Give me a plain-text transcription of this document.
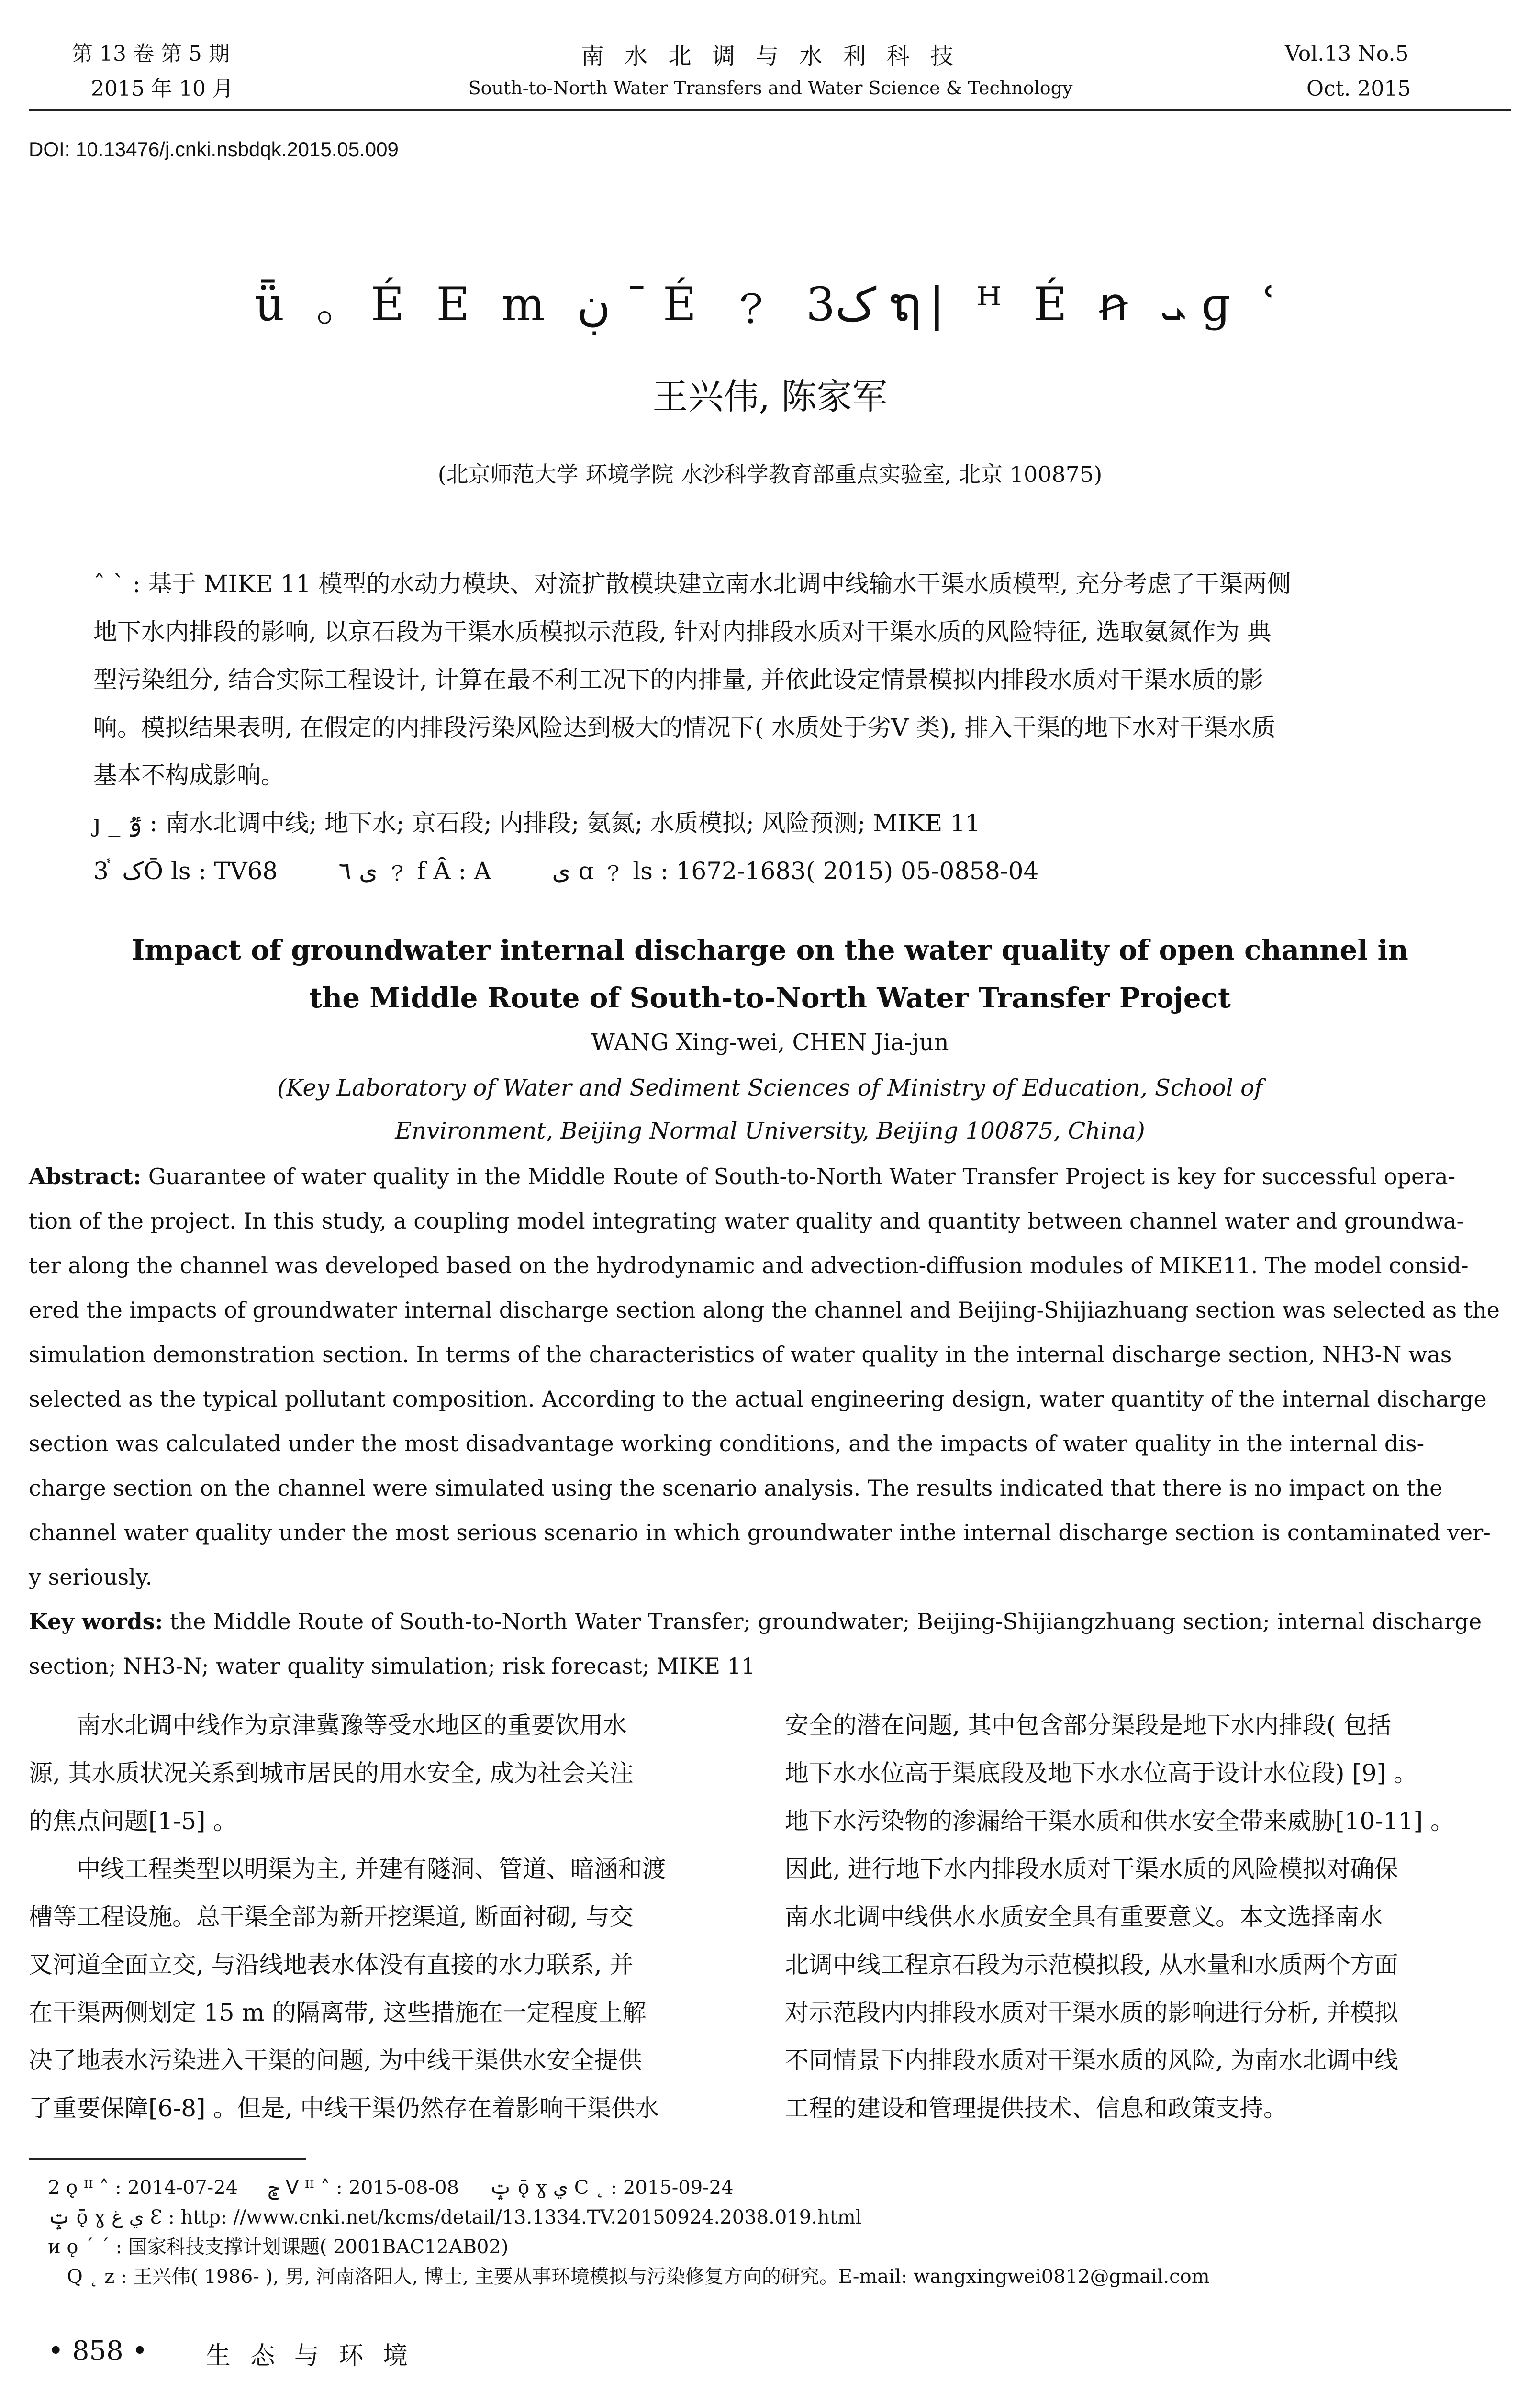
第 13 卷 第 5 期
2015 年 10 月
南 水 北 调 与 水 利 科 技
South-to-North Water Transfers and Water Science & Technology
Vol.13 No.5
Oct. 2015
DOI: 10.13476/j.cnki.nsbdqk.2015.05.009
ǖ 。É E m ڹ ¯ É ﹖ ک3 ຖ| ᴴ É ꞥ ܝ ɡ ʿ
王兴伟, 陈家军
(北京师范大学 环境学院 水沙科学教育部重点实验室, 北京 100875)
ˆ ˋ : 基于 MIKE 11 模型的水动力模块、对流扩散模块建立南水北调中线输水干渠水质模型, 充分考虑了干渠两侧
地下水内排段的影响, 以京石段为干渠水质模拟示范段, 针对内排段水质对干渠水质的风险特征, 选取氨氮作为 典
型污染组分, 结合实际工程设计, 计算在最不利工况下的内排量, 并依此设定情景模拟内排段水质对干渠水质的影
响。模拟结果表明, 在假定的内排段污染风险达到极大的情况下( 水质处于劣Ⅴ 类), 排入干渠的地下水对干渠水质
基本不构成影响。
ȷ _ ٷ : 南水北调中线; 地下水; 京石段; 内排段; 氨氮; 水质模拟; 风险预测; MIKE 11
3 ֓ کŌ ls : TV68        ی ٦ ﹖ f Ȃ : A        ی ɑ ﹖ ls : 1672-1683( 2015) 05-0858-04
Impact of groundwater internal discharge on the water quality of open channel in
the Middle Route of South-to-North Water Transfer Project
WANG Xing-wei, CHEN Jia-jun
(Key Laboratory of Water and Sediment Sciences of Ministry of Education, School of
Environment, Beijing Normal University, Beijing 100875, China)
Abstract: Guarantee of water quality in the Middle Route of South-to-North Water Transfer Project is key for successful opera-
tion of the project. In this study, a coupling model integrating water quality and quantity between channel water and groundwa-
ter along the channel was developed based on the hydrodynamic and advection-diffusion modules of MIKE11. The model consid-
ered the impacts of groundwater internal discharge section along the channel and Beijing-Shijiazhuang section was selected as the
simulation demonstration section. In terms of the characteristics of water quality in the internal discharge section, NH3-N was
selected as the typical pollutant composition. According to the actual engineering design, water quantity of the internal discharge
section was calculated under the most disadvantage working conditions, and the impacts of water quality in the internal dis-
charge section on the channel were simulated using the scenario analysis. The results indicated that there is no impact on the
channel water quality under the most serious scenario in which groundwater inthe internal discharge section is contaminated ver-
y seriously.
Key words: the Middle Route of South-to-North Water Transfer; groundwater; Beijing-Shijiangzhuang section; internal discharge
section; NH3-N; water quality simulation; risk forecast; MIKE 11
南水北调中线作为京津冀豫等受水地区的重要饮用水
源, 其水质状况关系到城市居民的用水安全, 成为社会关注
的焦点问题[1-5] 。
中线工程类型以明渠为主, 并建有隧洞、管道、暗涵和渡
槽等工程设施。总干渠全部为新开挖渠道, 断面衬砌, 与交
叉河道全面立交, 与沿线地表水体没有直接的水力联系, 并
在干渠两侧划定 15 m 的隔离带, 这些措施在一定程度上解
决了地表水污染进入干渠的问题, 为中线干渠供水安全提供
了重要保障[6-8] 。但是, 中线干渠仍然存在着影响干渠供水
安全的潜在问题, 其中包含部分渠段是地下水内排段( 包括
地下水水位高于渠底段及地下水水位高于设计水位段) [9] 。
地下水污染物的渗漏给干渠水质和供水安全带来威胁[10-11] 。
因此, 进行地下水内排段水质对干渠水质的风险模拟对确保
南水北调中线供水水质安全具有重要意义。本文选择南水
北调中线工程京石段为示范模拟段, 从水量和水质两个方面
对示范段内内排段水质对干渠水质的影响进行分析, 并模拟
不同情景下内排段水质对干渠水质的风险, 为南水北调中线
工程的建设和管理提供技术、信息和政策支持。
2 ǫ ᴵᴵ ˄ : 2014-07-24     ݮ ᐯ ᴵᴵ ˄ : 2015-08-08     ݓ ǭ ɣ ي Ϲ ˛ : 2015-09-24
ݓ ǭ ɣ ي ﻍ Ɛ : http: //www.cnki.net/kcms/detail/13.1334.TV.20150924.2038.019.html
ᴎ ǫ ˊ ˊ : 国家科技支撑计划课题( 2001BAC12AB02)
Q ˛ ᴢ : 王兴伟( 1986- ), 男, 河南洛阳人, 博士, 主要从事环境模拟与污染修复方向的研究。E-mail: wangxingwei0812@gmail.com
• 858 • 生 态 与 环 境
